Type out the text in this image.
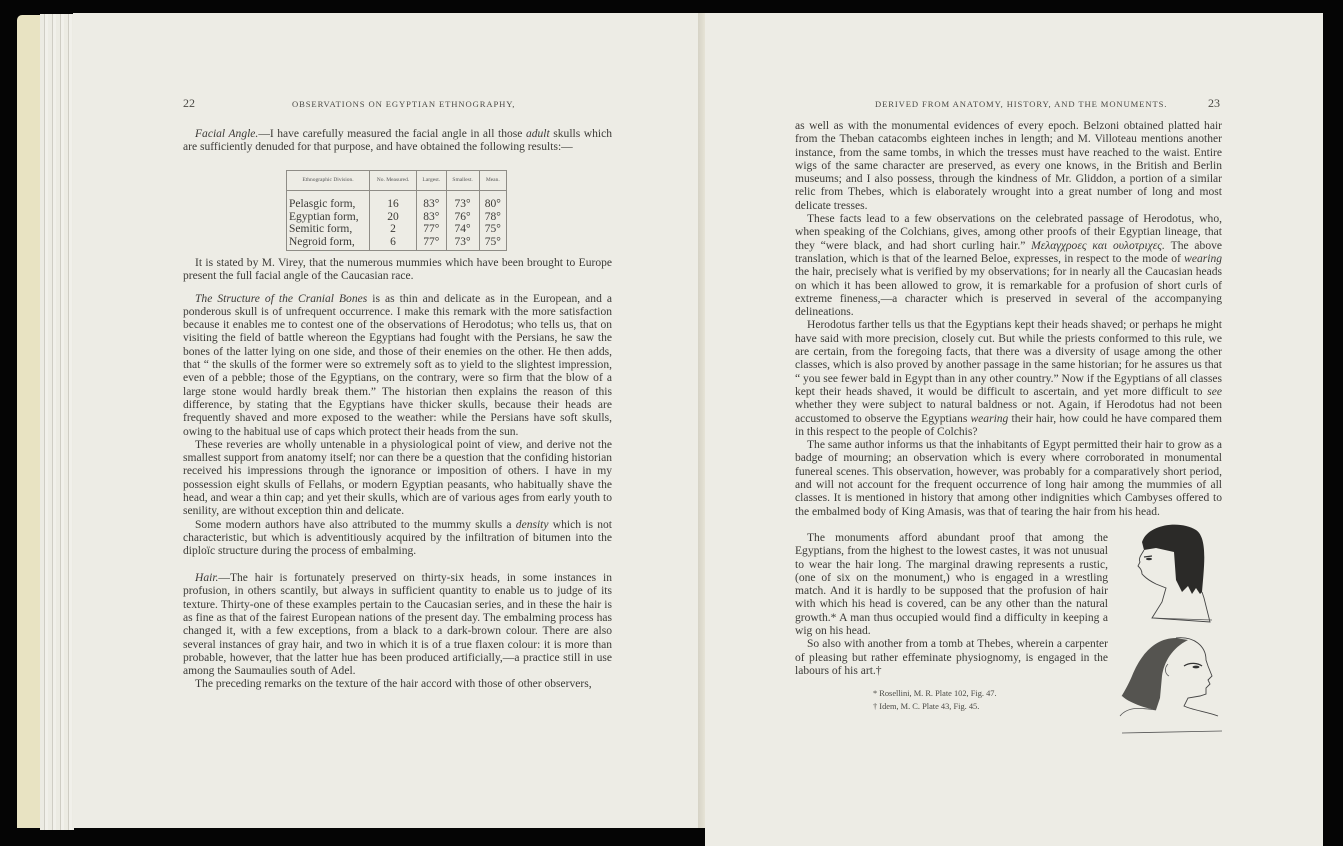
22	OBSERVATIONS ON EGYPTIAN ETHNOGRAPHY,

Facial Angle.—I have carefully measured the facial angle in all those adult skulls which are sufficiently denuded for that purpose, and have obtained the following results:—

Ethnographic Division.	No. Measured.	Largest.	Smallest.	Mean.
Pelasgic form,	16	83°	73°	80°
Egyptian form,	20	83°	76°	78°
Semitic form,	2	77°	74°	75°
Negroid form,	6	77°	73°	75°

It is stated by M. Virey, that the numerous mummies which have been brought to Europe present the full facial angle of the Caucasian race.

The Structure of the Cranial Bones is as thin and delicate as in the European, and a ponderous skull is of unfrequent occurrence. I make this remark with the more satisfaction because it enables me to contest one of the observations of Herodotus; who tells us, that on visiting the field of battle whereon the Egyptians had fought with the Persians, he saw the bones of the latter lying on one side, and those of their enemies on the other. He then adds, that “ the skulls of the former were so extremely soft as to yield to the slightest impression, even of a pebble; those of the Egyptians, on the contrary, were so firm that the blow of a large stone would hardly break them.” The historian then explains the reason of this difference, by stating that the Egyptians have thicker skulls, because their heads are frequently shaved and more exposed to the weather: while the Persians have soft skulls, owing to the habitual use of caps which protect their heads from the sun.

These reveries are wholly untenable in a physiological point of view, and derive not the smallest support from anatomy itself; nor can there be a question that the confiding historian received his impressions through the ignorance or imposition of others. I have in my possession eight skulls of Fellahs, or modern Egyptian peasants, who habitually shave the head, and wear a thin cap; and yet their skulls, which are of various ages from early youth to senility, are without exception thin and delicate.

Some modern authors have also attributed to the mummy skulls a density which is not characteristic, but which is adventitiously acquired by the infiltration of bitumen into the diploïc structure during the process of embalming.

Hair.—The hair is fortunately preserved on thirty-six heads, in some instances in profusion, in others scantily, but always in sufficient quantity to enable us to judge of its texture. Thirty-one of these examples pertain to the Caucasian series, and in these the hair is as fine as that of the fairest European nations of the present day. The embalming process has changed it, with a few exceptions, from a black to a dark-brown colour. There are also several instances of gray hair, and two in which it is of a true flaxen colour: it is more than probable, however, that the latter hue has been produced artificially,—a practice still in use among the Saumaulies south of Adel.

The preceding remarks on the texture of the hair accord with those of other observers,

DERIVED FROM ANATOMY, HISTORY, AND THE MONUMENTS.	23

as well as with the monumental evidences of every epoch. Belzoni obtained platted hair from the Theban catacombs eighteen inches in length; and M. Villoteau mentions another instance, from the same tombs, in which the tresses must have reached to the waist. Entire wigs of the same character are preserved, as every one knows, in the British and Berlin museums; and I also possess, through the kindness of Mr. Gliddon, a portion of a similar relic from Thebes, which is elaborately wrought into a great number of long and most delicate tresses.

These facts lead to a few observations on the celebrated passage of Herodotus, who, when speaking of the Colchians, gives, among other proofs of their Egyptian lineage, that they “were black, and had short curling hair.” Μελαγχροες και ουλοτριχες. The above translation, which is that of the learned Beloe, expresses, in respect to the mode of wearing the hair, precisely what is verified by my observations; for in nearly all the Caucasian heads on which it has been allowed to grow, it is remarkable for a profusion of short curls of extreme fineness,—a character which is preserved in several of the accompanying delineations.

Herodotus farther tells us that the Egyptians kept their heads shaved; or perhaps he might have said with more precision, closely cut. But while the priests conformed to this rule, we are certain, from the foregoing facts, that there was a diversity of usage among the other classes, which is also proved by another passage in the same historian; for he assures us that “ you see fewer bald in Egypt than in any other country.” Now if the Egyptians of all classes kept their heads shaved, it would be difficult to ascertain, and yet more difficult to see whether they were subject to natural baldness or not. Again, if Herodotus had not been accustomed to observe the Egyptians wearing their hair, how could he have compared them in this respect to the people of Colchis?

The same author informs us that the inhabitants of Egypt permitted their hair to grow as a badge of mourning; an observation which is every where corroborated in monumental funereal scenes. This observation, however, was probably for a comparatively short period, and will not account for the frequent occurrence of long hair among the mummies of all classes. It is mentioned in history that among other indignities which Cambyses offered to the embalmed body of King Amasis, was that of tearing the hair from his head.

The monuments afford abundant proof that among the Egyptians, from the highest to the lowest castes, it was not unusual to wear the hair long. The marginal drawing represents a rustic, (one of six on the monument,) who is engaged in a wrestling match. And it is hardly to be supposed that the profusion of hair with which his head is covered, can be any other than the natural growth.* A man thus occupied would find a difficulty in keeping a wig on his head.

So also with another from a tomb at Thebes, wherein a carpenter of pleasing but rather effeminate physiognomy, is engaged in the labours of his art.†

* Rosellini, M. R. Plate 102, Fig. 47.
† Idem, M. C. Plate 43, Fig. 45.
